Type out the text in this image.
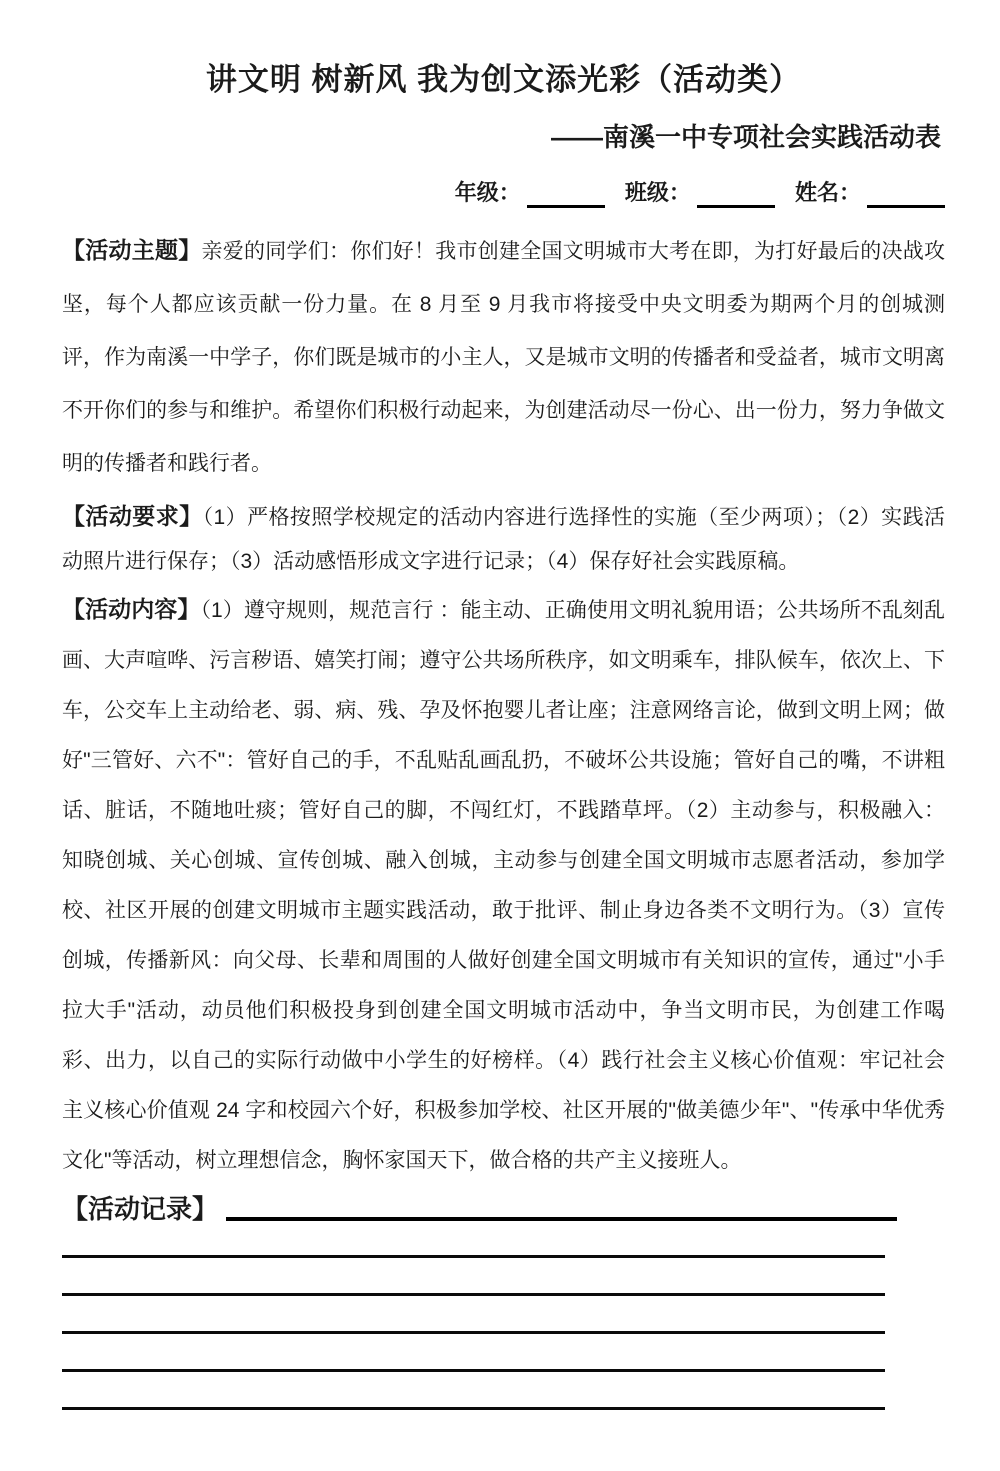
讲文明 树新风 我为创文添光彩（活动类）
——南溪一中专项社会实践活动表
年级：	班级：	姓名：

【活动主题】亲爱的同学们：你们好！我市创建全国文明城市大考在即，为打好最后的决战攻坚，每个人都应该贡献一份力量。在 8 月至 9 月我市将接受中央文明委为期两个月的创城测评，作为南溪一中学子，你们既是城市的小主人，又是城市文明的传播者和受益者，城市文明离不开你们的参与和维护。希望你们积极行动起来，为创建活动尽一份心、出一份力，努力争做文明的传播者和践行者。

【活动要求】（1）严格按照学校规定的活动内容进行选择性的实施（至少两项）；（2）实践活动照片进行保存；（3）活动感悟形成文字进行记录；（4）保存好社会实践原稿。

【活动内容】（1）遵守规则，规范言行 ：能主动、正确使用文明礼貌用语；公共场所不乱刻乱画、大声喧哗、污言秽语、嬉笑打闹；遵守公共场所秩序，如文明乘车，排队候车，依次上、下车，公交车上主动给老、弱、病、残、孕及怀抱婴儿者让座；注意网络言论，做到文明上网；做好"三管好、六不"：管好自己的手，不乱贴乱画乱扔，不破坏公共设施；管好自己的嘴，不讲粗话、脏话，不随地吐痰；管好自己的脚，不闯红灯，不践踏草坪。（2）主动参与，积极融入：知晓创城、关心创城、宣传创城、融入创城，主动参与创建全国文明城市志愿者活动，参加学校、社区开展的创建文明城市主题实践活动，敢于批评、制止身边各类不文明行为。（3）宣传创城，传播新风：向父母、长辈和周围的人做好创建全国文明城市有关知识的宣传，通过"小手拉大手"活动，动员他们积极投身到创建全国文明城市活动中，争当文明市民，为创建工作喝彩、出力，以自己的实际行动做中小学生的好榜样。（4）践行社会主义核心价值观：牢记社会主义核心价值观 24 字和校园六个好，积极参加学校、社区开展的"做美德少年"、"传承中华优秀文化"等活动，树立理想信念，胸怀家国天下，做合格的共产主义接班人。

【活动记录】
